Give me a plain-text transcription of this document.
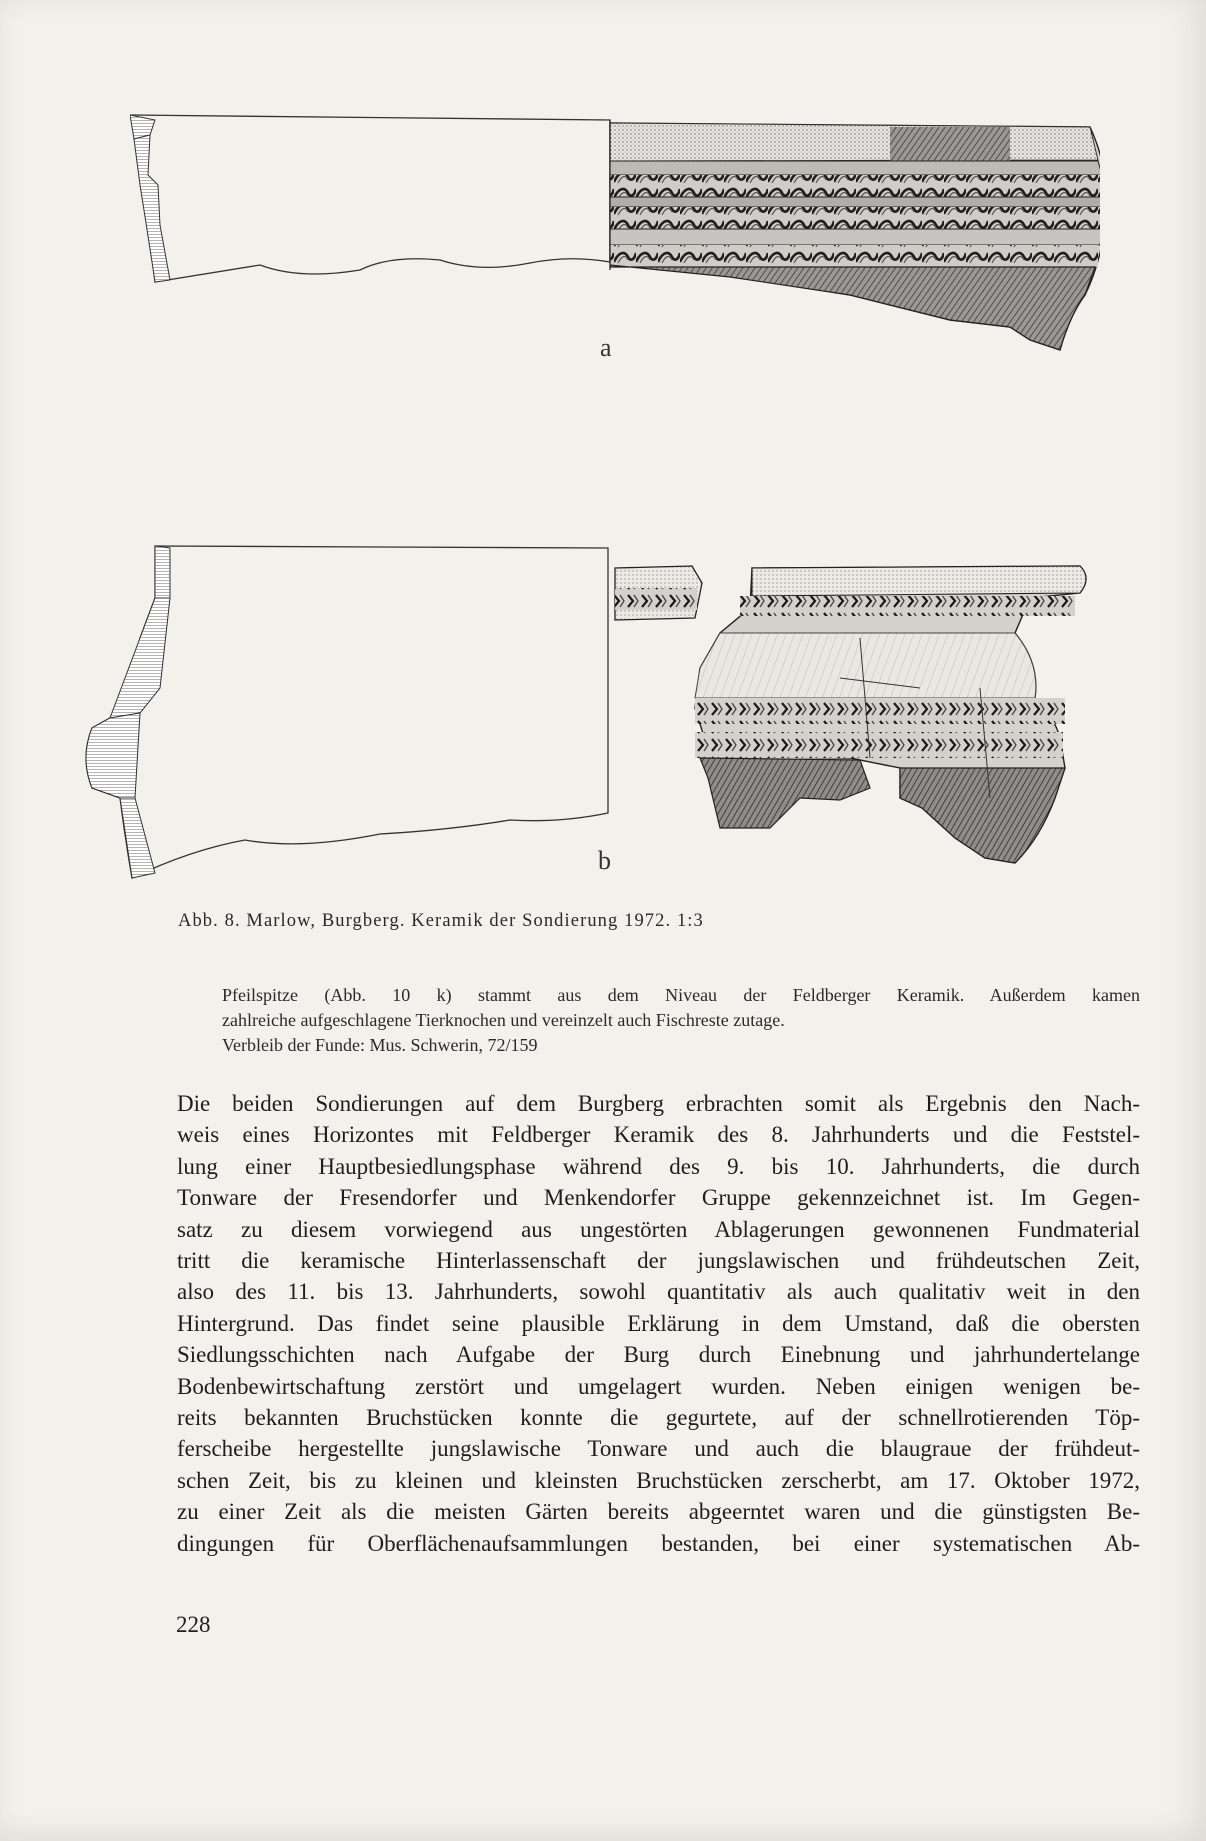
a
b
Abb. 8. Marlow, Burgberg. Keramik der Sondierung 1972. 1:3

Pfeilspitze (Abb. 10 k) stammt aus dem Niveau der Feldberger Keramik. Außerdem kamen

zahlreiche aufgeschlagene Tierknochen und vereinzelt auch Fischreste zutage.

Verbleib der Funde: Mus. Schwerin, 72/159

Die beiden Sondierungen auf dem Burgberg erbrachten somit als Ergebnis den Nach-

weis eines Horizontes mit Feldberger Keramik des 8. Jahrhunderts und die Feststel-

lung einer Hauptbesiedlungsphase während des 9. bis 10. Jahrhunderts, die durch

Tonware der Fresendorfer und Menkendorfer Gruppe gekennzeichnet ist. Im Gegen-

satz zu diesem vorwiegend aus ungestörten Ablagerungen gewonnenen Fundmaterial

tritt die keramische Hinterlassenschaft der jungslawischen und frühdeutschen Zeit,

also des 11. bis 13. Jahrhunderts, sowohl quantitativ als auch qualitativ weit in den

Hintergrund. Das findet seine plausible Erklärung in dem Umstand, daß die obersten

Siedlungsschichten nach Aufgabe der Burg durch Einebnung und jahrhundertelange

Bodenbewirtschaftung zerstört und umgelagert wurden. Neben einigen wenigen be-

reits bekannten Bruchstücken konnte die gegurtete, auf der schnellrotierenden Töp-

ferscheibe hergestellte jungslawische Tonware und auch die blaugraue der frühdeut-

schen Zeit, bis zu kleinen und kleinsten Bruchstücken zerscherbt, am 17. Oktober 1972,

zu einer Zeit als die meisten Gärten bereits abgeerntet waren und die günstigsten Be-

dingungen für Oberflächenaufsammlungen bestanden, bei einer systematischen Ab-

228
